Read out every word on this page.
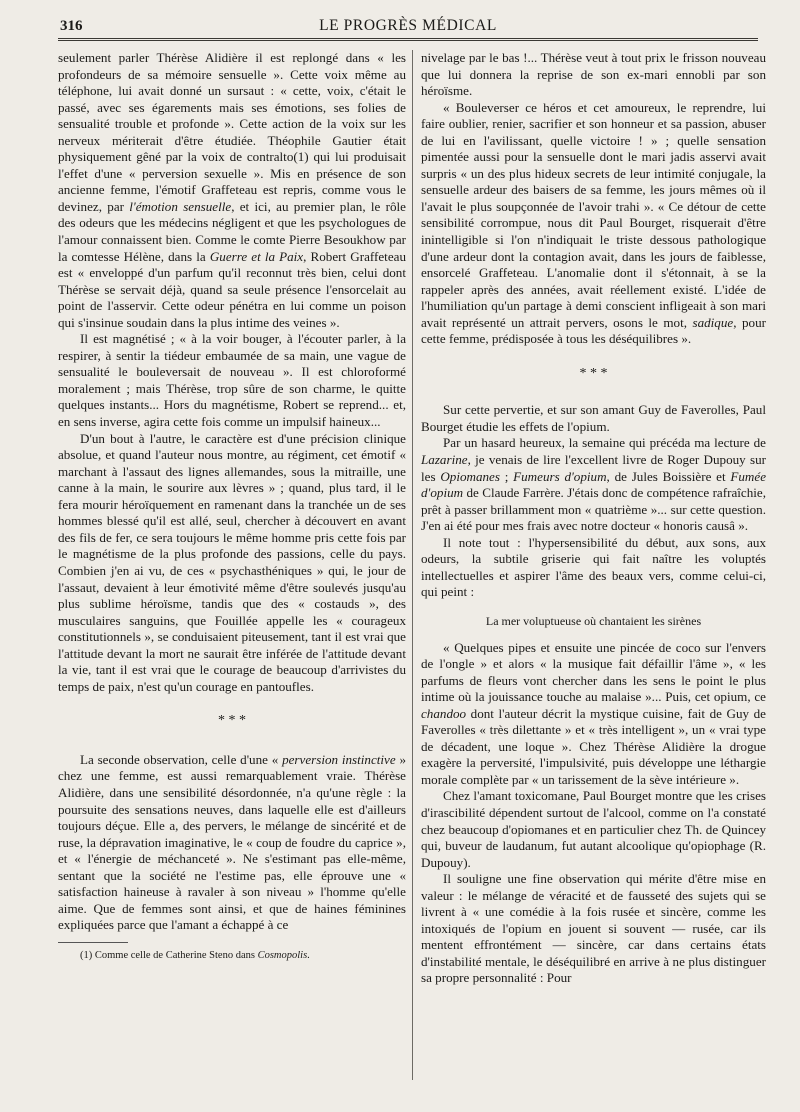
316	LE PROGRÈS MÉDICAL

seulement parler Thérèse Alidière il est replongé dans « les profondeurs de sa mémoire sensuelle ». Cette voix même au téléphone, lui avait donné un sursaut : « cette, voix, c'était le passé, avec ses égarements mais ses émotions, ses folies de sensualité trouble et profonde ». Cette action de la voix sur les nerveux mériterait d'être étudiée. Théophile Gautier était physiquement gêné par la voix de contralto(1) qui lui produisait l'effet d'une « perversion sexuelle ». Mis en présence de son ancienne femme, l'émotif Graffeteau est repris, comme vous le devinez, par l'émotion sensuelle, et ici, au premier plan, le rôle des odeurs que les médecins négligent et que les psychologues de l'amour connaissent bien. Comme le comte Pierre Besoukhow par la comtesse Hélène, dans la Guerre et la Paix, Robert Graffeteau est « enveloppé d'un parfum qu'il reconnut très bien, celui dont Thérèse se servait déjà, quand sa seule présence l'ensorcelait au point de l'asservir. Cette odeur pénétra en lui comme un poison qui s'insinue soudain dans la plus intime des veines ».

Il est magnétisé ; « à la voir bouger, à l'écouter parler, à la respirer, à sentir la tiédeur embaumée de sa main, une vague de sensualité le bouleversait de nouveau ». Il est chloroformé moralement ; mais Thérèse, trop sûre de son charme, le quitte quelques instants... Hors du magnétisme, Robert se reprend... et, en sens inverse, agira cette fois comme un impulsif haineux...

D'un bout à l'autre, le caractère est d'une précision clinique absolue, et quand l'auteur nous montre, au régiment, cet émotif « marchant à l'assaut des lignes allemandes, sous la mitraille, une canne à la main, le sourire aux lèvres » ; quand, plus tard, il le fera mourir héroïquement en ramenant dans la tranchée un de ses hommes blessé qu'il est allé, seul, chercher à découvert en avant des fils de fer, ce sera toujours le même homme pris cette fois par le magnétisme de la plus profonde des passions, celle du pays. Combien j'en ai vu, de ces « psychasthéniques » qui, le jour de l'assaut, devaient à leur émotivité même d'être soulevés jusqu'au plus sublime héroïsme, tandis que des « costauds », des musculaires sanguins, que Fouillée appelle les « courageux constitutionnels », se conduisaient piteusement, tant il est vrai que l'attitude devant la mort ne saurait être inférée de l'attitude devant la vie, tant il est vrai que le courage de beaucoup d'arrivistes du temps de paix, n'est qu'un courage en pantoufles.

* * *

La seconde observation, celle d'une « perversion instinctive » chez une femme, est aussi remarquablement vraie. Thérèse Alidière, dans une sensibilité désordonnée, n'a qu'une règle : la poursuite des sensations neuves, dans laquelle elle est d'ailleurs toujours déçue. Elle a, des pervers, le mélange de sincérité et de ruse, la dépravation imaginative, le « coup de foudre du caprice », et « l'énergie de méchanceté ». Ne s'estimant pas elle-même, sentant que la société ne l'estime pas, elle éprouve une « satisfaction haineuse à ravaler à son niveau » l'homme qu'elle aime. Que de femmes sont ainsi, et que de haines féminines expliquées parce que l'amant a échappé à ce

(1) Comme celle de Catherine Steno dans Cosmopolis.

nivelage par le bas !... Thérèse veut à tout prix le frisson nouveau que lui donnera la reprise de son ex-mari ennobli par son héroïsme.

« Bouleverser ce héros et cet amoureux, le reprendre, lui faire oublier, renier, sacrifier et son honneur et sa passion, abuser de lui en l'avilissant, quelle victoire ! » ; quelle sensation pimentée aussi pour la sensuelle dont le mari jadis asservi avait surpris « un des plus hideux secrets de leur intimité conjugale, la sensuelle ardeur des baisers de sa femme, les jours mêmes où il l'avait le plus soupçonnée de l'avoir trahi ». « Ce détour de cette sensibilité corrompue, nous dit Paul Bourget, risquerait d'être inintelligible si l'on n'indiquait le triste dessous pathologique d'une ardeur dont la contagion avait, dans les jours de faiblesse, ensorcelé Graffeteau. L'anomalie dont il s'étonnait, à se la rappeler après des années, avait réellement existé. L'idée de l'humiliation qu'un partage à demi conscient infligeait à son mari avait représenté un attrait pervers, osons le mot, sadique, pour cette femme, prédisposée à tous les déséquilibres ».

* * *

Sur cette pervertie, et sur son amant Guy de Faverolles, Paul Bourget étudie les effets de l'opium.

Par un hasard heureux, la semaine qui précéda ma lecture de Lazarine, je venais de lire l'excellent livre de Roger Dupouy sur les Opiomanes ; Fumeurs d'opium, de Jules Boissière et Fumée d'opium de Claude Farrère. J'étais donc de compétence rafraîchie, prêt à passer brillamment mon « quatrième »... sur cette question. J'en ai été pour mes frais avec notre docteur « honoris causâ ».

Il note tout : l'hypersensibilité du début, aux sons, aux odeurs, la subtile griserie qui fait naître les voluptés intellectuelles et aspirer l'âme des beaux vers, comme celui-ci, qui peint :

La mer voluptueuse où chantaient les sirènes

« Quelques pipes et ensuite une pincée de coco sur l'envers de l'ongle » et alors « la musique fait défaillir l'âme », « les parfums de fleurs vont chercher dans les sens le point le plus intime où la jouissance touche au malaise »... Puis, cet opium, ce chandoo dont l'auteur décrit la mystique cuisine, fait de Guy de Faverolles « très dilettante » et « très intelligent », un « vrai type de décadent, une loque ». Chez Thérèse Alidière la drogue exagère la perversité, l'impulsivité, puis développe une léthargie morale complète par « un tarissement de la sève intérieure ».

Chez l'amant toxicomane, Paul Bourget montre que les crises d'irascibilité dépendent surtout de l'alcool, comme on l'a constaté chez beaucoup d'opiomanes et en particulier chez Th. de Quincey qui, buveur de laudanum, fut autant alcoolique qu'opiophage (R. Dupouy).

Il souligne une fine observation qui mérite d'être mise en valeur : le mélange de véracité et de fausseté des sujets qui se livrent à « une comédie à la fois rusée et sincère, comme les intoxiqués de l'opium en jouent si souvent — rusée, car ils mentent effrontément — sincère, car dans certains états d'instabilité mentale, le déséquilibré en arrive à ne plus distinguer sa propre personnalité : Pour
